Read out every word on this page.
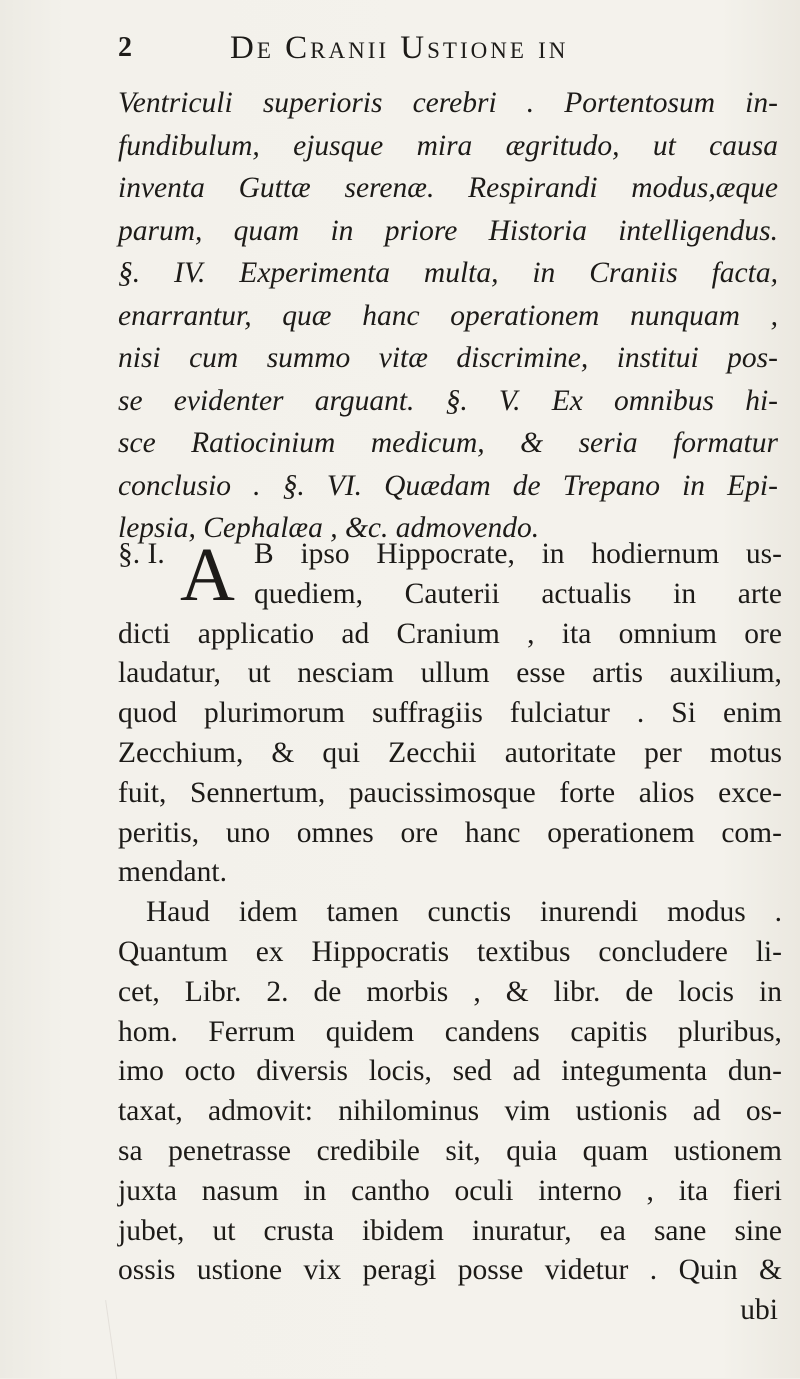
2	De Cranii Ustione in
Ventriculi superioris cerebri . Portentosum in-
fundibulum, ejusque mira ægritudo, ut causa
inventa Guttæ serenæ. Respirandi modus,æque
parum, quam in priore Historia intelligendus.
§. IV. Experimenta multa, in Craniis facta,
enarrantur, quæ hanc operationem nunquam ,
nisi cum summo vitæ discrimine, institui pos-
se evidenter arguant. §. V. Ex omnibus hi-
sce Ratiocinium medicum, & seria formatur
conclusio . §. VI. Quædam de Trepano in Epi-
lepsia, Cephalæa , &c. admovendo.
§. I. A B ipso Hippocrate, in hodiernum us-
quediem, Cauterii actualis in arte
dicti applicatio ad Cranium , ita omnium ore
laudatur, ut nesciam ullum esse artis auxilium,
quod plurimorum suffragiis fulciatur . Si enim
Zecchium, & qui Zecchii autoritate per motus
fuit, Sennertum, paucissimosque forte alios exce-
peritis, uno omnes ore hanc operationem com-
mendant.
Haud idem tamen cunctis inurendi modus .
Quantum ex Hippocratis textibus concludere li-
cet, Libr. 2. de morbis , & libr. de locis in
hom. Ferrum quidem candens capitis pluribus,
imo octo diversis locis, sed ad integumenta dun-
taxat, admovit: nihilominus vim ustionis ad os-
sa penetrasse credibile sit, quia quam ustionem
juxta nasum in cantho oculi interno , ita fieri
jubet, ut crusta ibidem inuratur, ea sane sine
ossis ustione vix peragi posse videtur . Quin &
ubi
